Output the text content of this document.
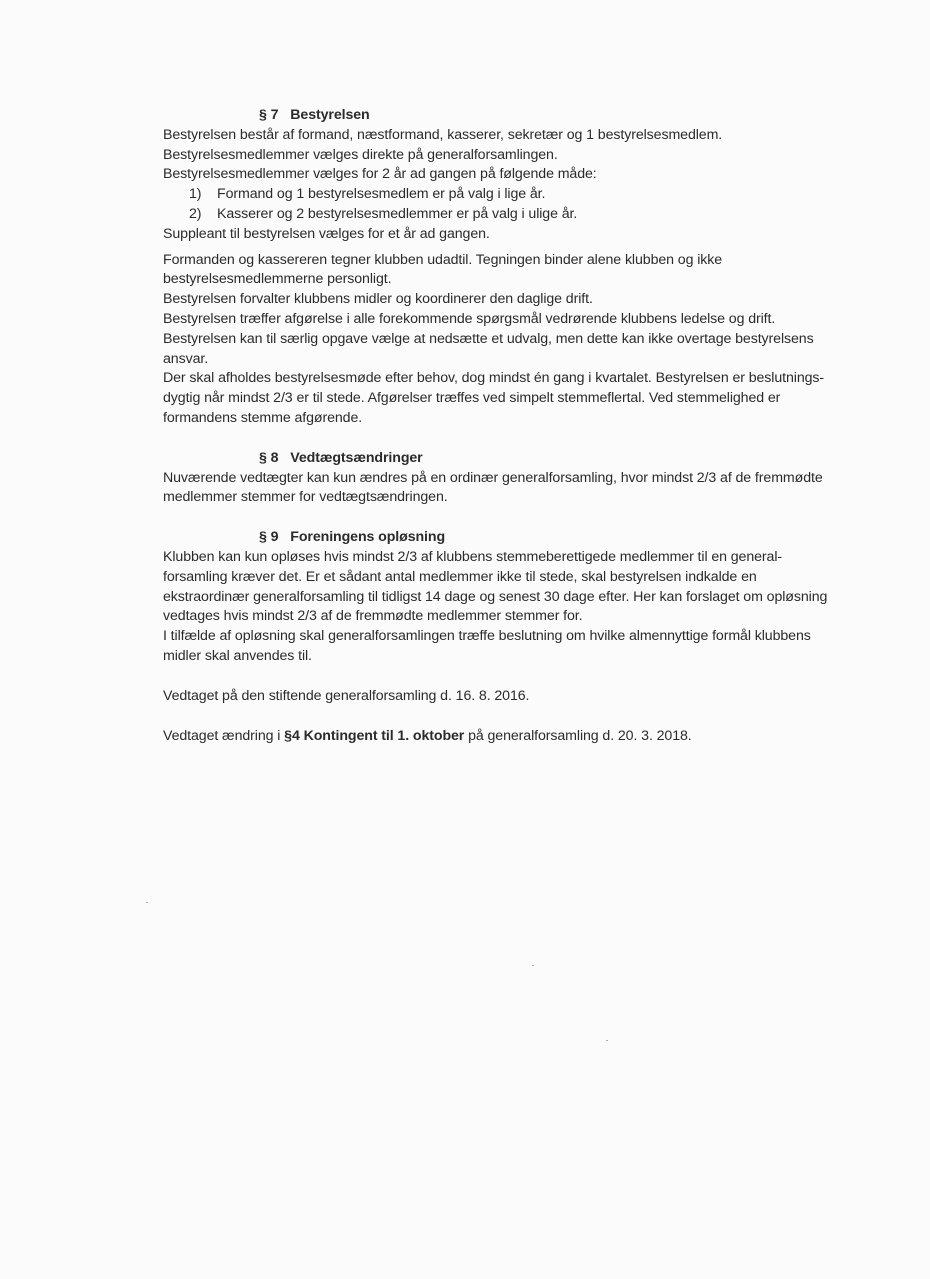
§ 7 Bestyrelsen
Bestyrelsen består af formand, næstformand, kasserer, sekretær og 1 bestyrelsesmedlem.
Bestyrelsesmedlemmer vælges direkte på generalforsamlingen.
Bestyrelsesmedlemmer vælges for 2 år ad gangen på følgende måde:
1) Formand og 1 bestyrelsesmedlem er på valg i lige år.
2) Kasserer og 2 bestyrelsesmedlemmer er på valg i ulige år.
Suppleant til bestyrelsen vælges for et år ad gangen.
Formanden og kassereren tegner klubben udadtil. Tegningen binder alene klubben og ikke
bestyrelsesmedlemmerne personligt.
Bestyrelsen forvalter klubbens midler og koordinerer den daglige drift.
Bestyrelsen træffer afgørelse i alle forekommende spørgsmål vedrørende klubbens ledelse og drift.
Bestyrelsen kan til særlig opgave vælge at nedsætte et udvalg, men dette kan ikke overtage bestyrelsens
ansvar.
Der skal afholdes bestyrelsesmøde efter behov, dog mindst én gang i kvartalet. Bestyrelsen er beslutnings-
dygtig når mindst 2/3 er til stede. Afgørelser træffes ved simpelt stemmeflertal. Ved stemmelighed er
formandens stemme afgørende.
§ 8 Vedtægtsændringer
Nuværende vedtægter kan kun ændres på en ordinær generalforsamling, hvor mindst 2/3 af de fremmødte
medlemmer stemmer for vedtægtsændringen.
§ 9 Foreningens opløsning
Klubben kan kun opløses hvis mindst 2/3 af klubbens stemmeberettigede medlemmer til en general-
forsamling kræver det. Er et sådant antal medlemmer ikke til stede, skal bestyrelsen indkalde en
ekstraordinær generalforsamling til tidligst 14 dage og senest 30 dage efter. Her kan forslaget om opløsning
vedtages hvis mindst 2/3 af de fremmødte medlemmer stemmer for.
I tilfælde af opløsning skal generalforsamlingen træffe beslutning om hvilke almennyttige formål klubbens
midler skal anvendes til.
Vedtaget på den stiftende generalforsamling d. 16. 8. 2016.
Vedtaget ændring i §4 Kontingent til 1. oktober på generalforsamling d. 20. 3. 2018.
